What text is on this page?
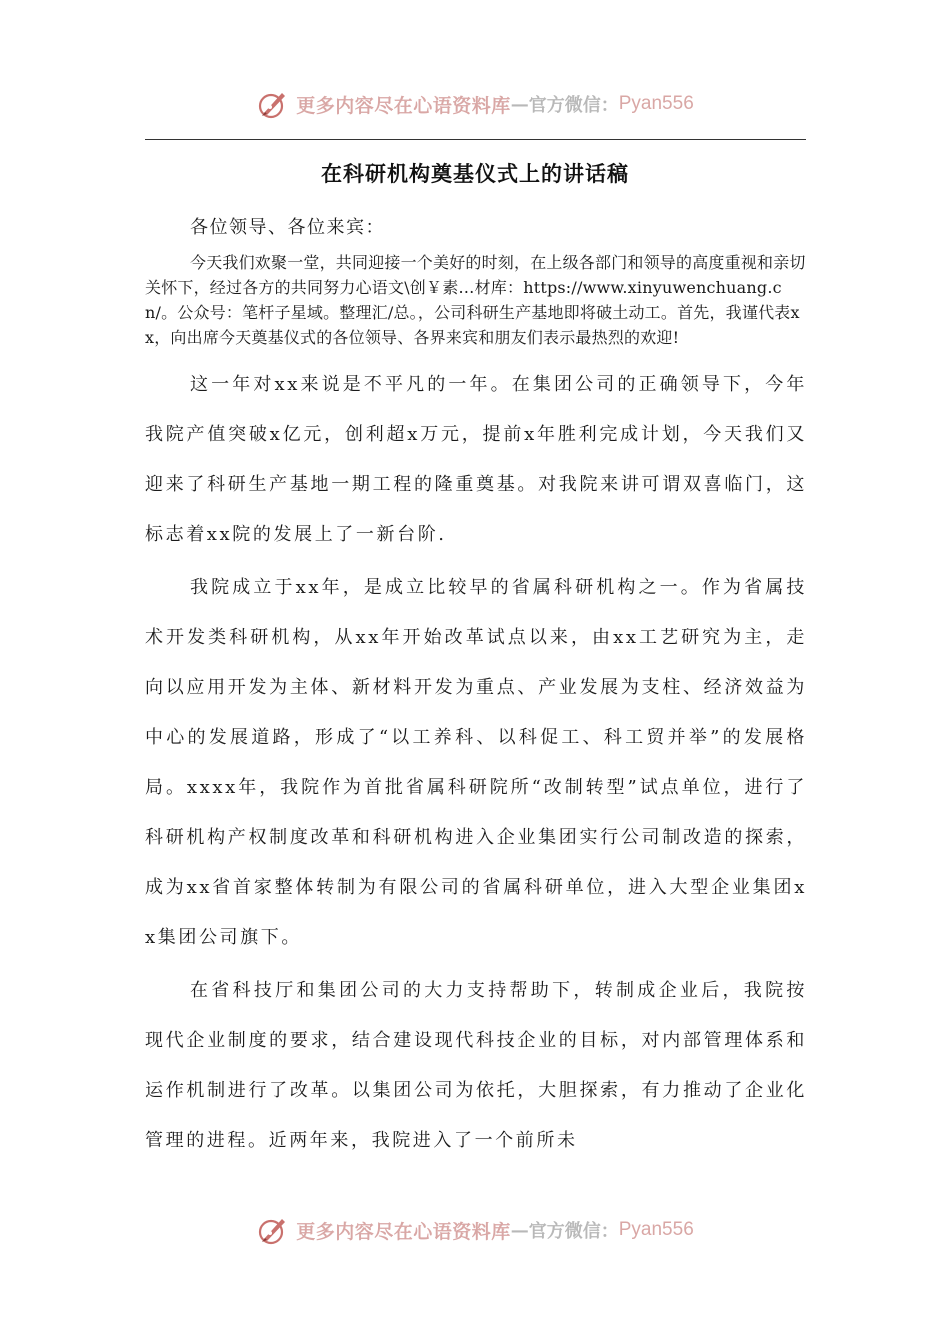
更多内容尽在心语资料库 — 官方微信： Pyan556
在科研机构奠基仪式上的讲话稿

各位领导、各位来宾：

今天我们欢聚一堂，共同迎接一个美好的时刻，在上级各部门和领导的高度重视和亲切关怀下，经过各方的共同努力心语文\创￥素…材库：https://www.xinyuwenchuang.cn/。公众号：笔杆子星域。整理汇/总。，公司科研生产基地即将破土动工。首先，我谨代表xx，向出席今天奠基仪式的各位领导、各界来宾和朋友们表示最热烈的欢迎!

这一年对xx来说是不平凡的一年。在集团公司的正确领导下，今年我院产值突破x亿元，创利超x万元，提前x年胜利完成计划，今天我们又迎来了科研生产基地一期工程的隆重奠基。对我院来讲可谓双喜临门，这标志着xx院的发展上了一新台阶.

我院成立于xx年，是成立比较早的省属科研机构之一。作为省属技术开发类科研机构，从xx年开始改革试点以来，由xx工艺研究为主，走向以应用开发为主体、新材料开发为重点、产业发展为支柱、经济效益为中心的发展道路，形成了“以工养科、以科促工、科工贸并举”的发展格局。xxxx年，我院作为首批省属科研院所“改制转型”试点单位，进行了科研机构产权制度改革和科研机构进入企业集团实行公司制改造的探索，成为xx省首家整体转制为有限公司的省属科研单位，进入大型企业集团xx集团公司旗下。

在省科技厅和集团公司的大力支持帮助下，转制成企业后，我院按现代企业制度的要求，结合建设现代科技企业的目标，对内部管理体系和运作机制进行了改革。以集团公司为依托，大胆探索，有力推动了企业化管理的进程。近两年来，我院进入了一个前所未

更多内容尽在心语资料库 — 官方微信： Pyan556
